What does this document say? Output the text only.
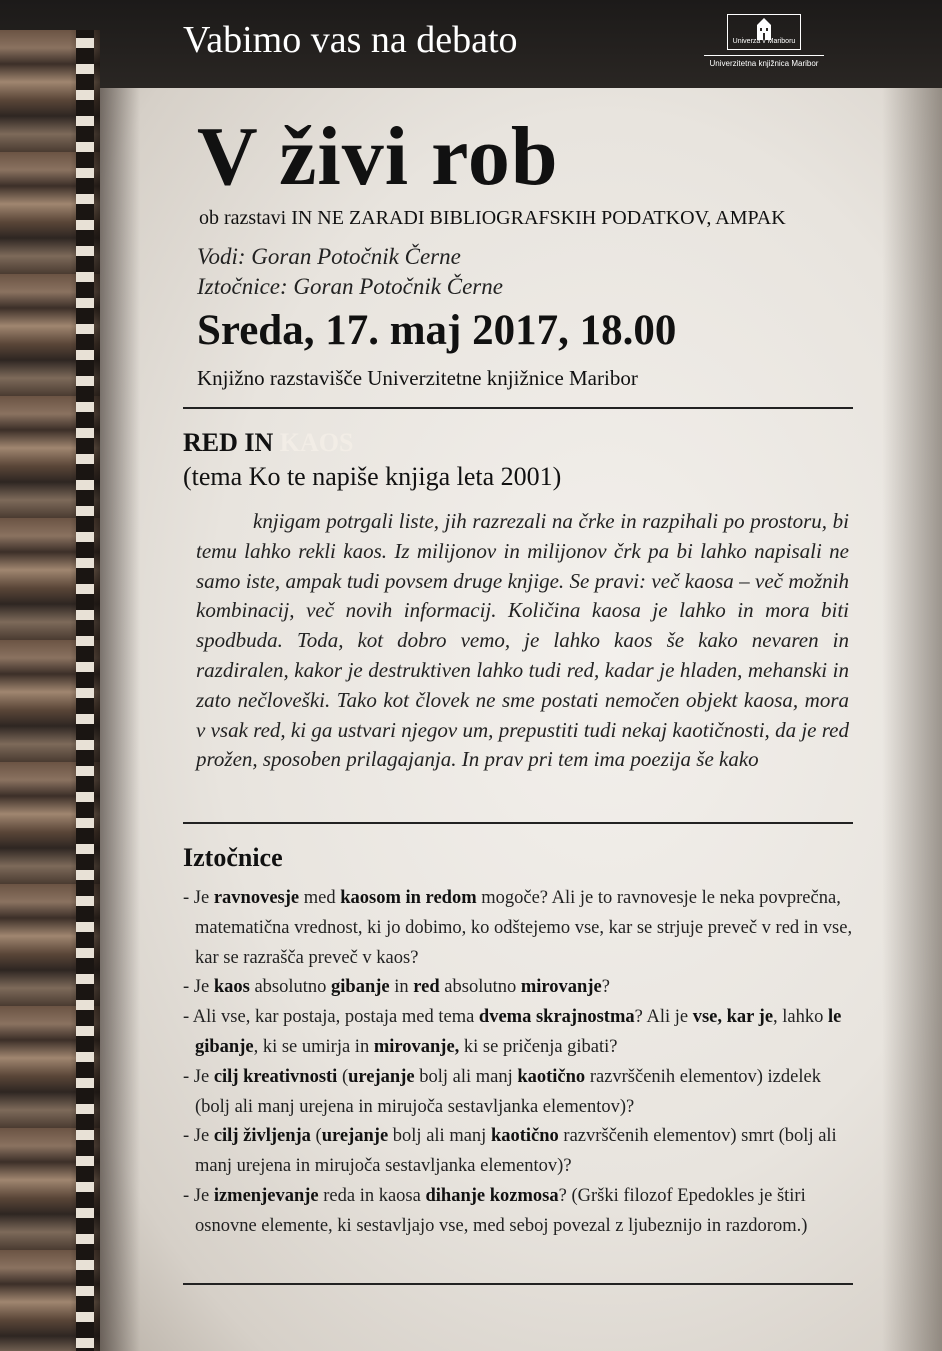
Vabimo vas na debato	Univerza v Mariboru
Univerzitetna knjižnica Maribor
V živi rob
ob razstavi IN NE ZARADI BIBLIOGRAFSKIH PODATKOV, AMPAK
Vodi: Goran Potočnik Černe
Iztočnice: Goran Potočnik Černe
Sreda, 17. maj 2017, 18.00
Knjižno razstavišče Univerzitetne knjižnice Maribor
RED IN KAOS
(tema Ko te napiše knjiga leta 2001)

knjigam potrgali liste, jih razrezali na črke in razpihali po prostoru, bi temu lahko rekli kaos. Iz milijonov in milijonov črk pa bi lahko napisali ne samo iste, ampak tudi povsem druge knjige. Se pravi: več kaosa – več možnih kombinacij, več novih informacij. Količina kaosa je lahko in mora biti spodbuda. Toda, kot dobro vemo, je lahko kaos še kako nevaren in razdiralen, kakor je destruktiven lahko tudi red, kadar je hladen, mehanski in zato nečloveški. Tako kot človek ne sme postati nemočen objekt kaosa, mora v vsak red, ki ga ustvari njegov um, prepustiti tudi nekaj kaotičnosti, da je red prožen, sposoben prilagajanja. In prav pri tem ima poezija še kako

Iztočnice
- Je ravnovesje med kaosom in redom mogoče? Ali je to ravnovesje le neka povprečna, matematična vrednost, ki jo dobimo, ko odštejemo vse, kar se strjuje preveč v red in vse, kar se razrašča preveč v kaos?
- Je kaos absolutno gibanje in red absolutno mirovanje?
- Ali vse, kar postaja, postaja med tema dvema skrajnostma? Ali je vse, kar je, lahko le gibanje, ki se umirja in mirovanje, ki se pričenja gibati?
- Je cilj kreativnosti (urejanje bolj ali manj kaotično razvrščenih elementov) izdelek (bolj ali manj urejena in mirujoča sestavljanka elementov)?
- Je cilj življenja (urejanje bolj ali manj kaotično razvrščenih elementov) smrt (bolj ali manj urejena in mirujoča sestavljanka elementov)?
- Je izmenjevanje reda in kaosa dihanje kozmosa? (Grški filozof Epedokles je štiri osnovne elemente, ki sestavljajo vse, med seboj povezal z ljubeznijo in razdorom.)
